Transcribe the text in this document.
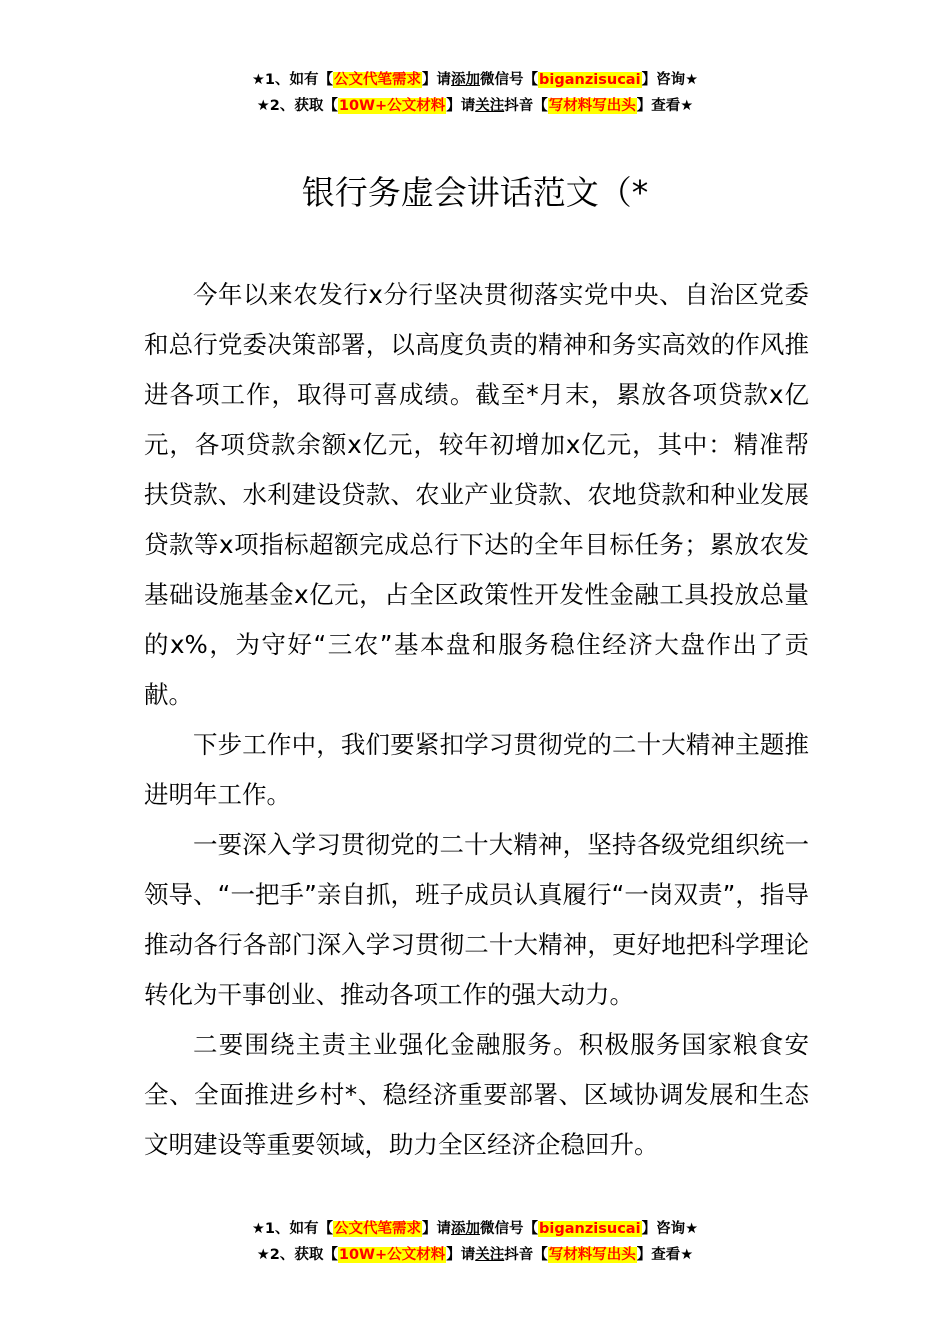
★1、如有【公文代笔需求】请添加微信号【biganzisucai】咨询★
★2、获取【10W+公文材料】请关注抖音【写材料写出头】查看★
银行务虚会讲话范文（*

今年以来农发行x分行坚决贯彻落实党中央、自治区党委和总行党委决策部署，以高度负责的精神和务实高效的作风推进各项工作，取得可喜成绩。截至*月末，累放各项贷款x亿元，各项贷款余额x亿元，较年初增加x亿元，其中：精准帮扶贷款、水利建设贷款、农业产业贷款、农地贷款和种业发展贷款等x项指标超额完成总行下达的全年目标任务；累放农发基础设施基金x亿元，占全区政策性开发性金融工具投放总量的x%，为守好“三农”基本盘和服务稳住经济大盘作出了贡献。

下步工作中，我们要紧扣学习贯彻党的二十大精神主题推进明年工作。

一要深入学习贯彻党的二十大精神，坚持各级党组织统一领导、“一把手”亲自抓，班子成员认真履行“一岗双责”，指导推动各行各部门深入学习贯彻二十大精神，更好地把科学理论转化为干事创业、推动各项工作的强大动力。

二要围绕主责主业强化金融服务。积极服务国家粮食安全、全面推进乡村*、稳经济重要部署、区域协调发展和生态文明建设等重要领域，助力全区经济企稳回升。

★1、如有【公文代笔需求】请添加微信号【biganzisucai】咨询★
★2、获取【10W+公文材料】请关注抖音【写材料写出头】查看★
